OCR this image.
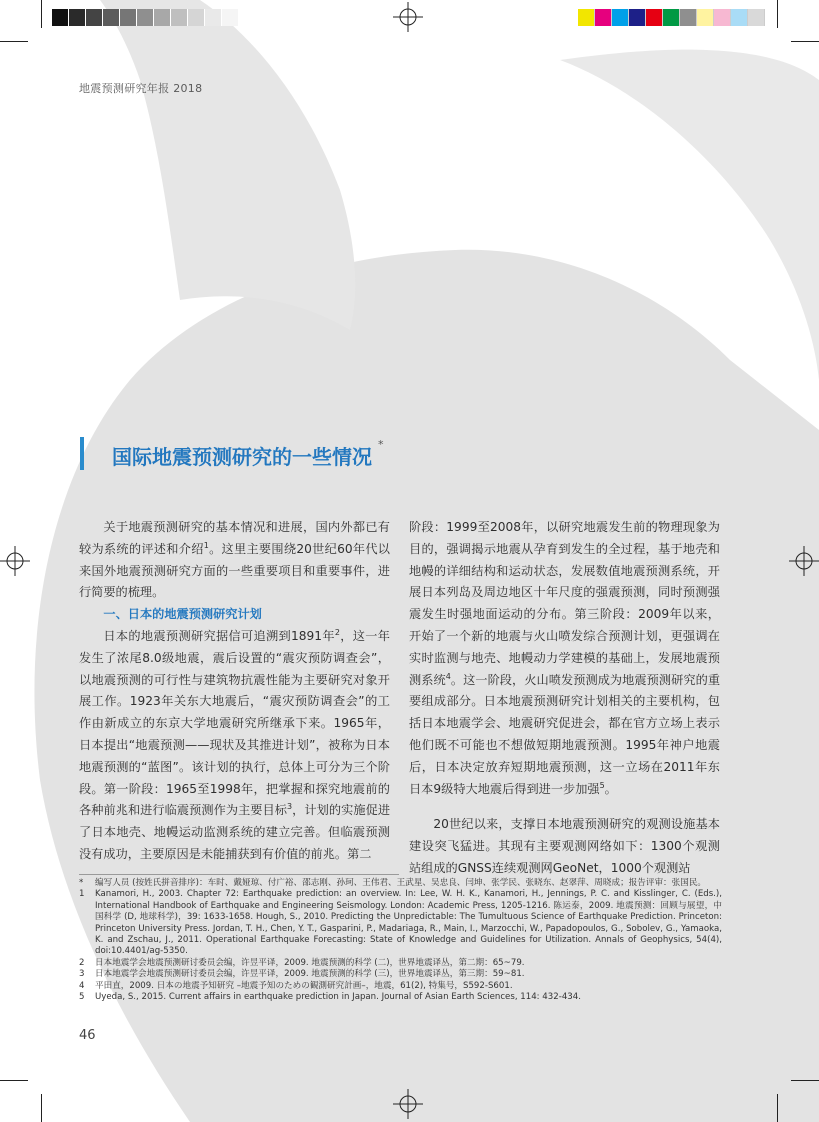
地震预测研究年报 2018
国际地震预测研究的一些情况*

关于地震预测研究的基本情况和进展，国内外都已有较为系统的评述和介绍$^1$。这里主要围绕20世纪60年代以来国外地震预测研究方面的一些重要项目和重要事件，进行简要的梳理。

一、日本的地震预测研究计划

日本的地震预测研究据信可追溯到1891年$^2$，这一年发生了浓尾8.0级地震，震后设置的“震灾预防调查会”，以地震预测的可行性与建筑物抗震性能为主要研究对象开展工作。1923年关东大地震后，“震灾预防调查会”的工作由新成立的东京大学地震研究所继承下来。1965年，日本提出“地震预测——现状及其推进计划”，被称为日本地震预测的“蓝图”。该计划的执行，总体上可分为三个阶段。第一阶段：1965至1998年，把掌握和探究地震前的各种前兆和进行临震预测作为主要目标$^3$，计划的实施促进了日本地壳、地幔运动监测系统的建立完善。但临震预测没有成功，主要原因是未能捕获到有价值的前兆。第二

阶段：1999至2008年，以研究地震发生前的物理现象为目的，强调揭示地震从孕育到发生的全过程，基于地壳和地幔的详细结构和运动状态，发展数值地震预测系统，开展日本列岛及周边地区十年尺度的强震预测，同时预测强震发生时强地面运动的分布。第三阶段：2009年以来，开始了一个新的地震与火山喷发综合预测计划，更强调在实时监测与地壳、地幔动力学建模的基础上，发展地震预测系统$^4$。这一阶段，火山喷发预测成为地震预测研究的重要组成部分。日本地震预测研究计划相关的主要机构，包括日本地震学会、地震研究促进会，都在官方立场上表示他们既不可能也不想做短期地震预测。1995年神户地震后，日本决定放弃短期地震预测，这一立场在2011年东日本9级特大地震后得到进一步加强$^5$。

20世纪以来，支撑日本地震预测研究的观测设施基本建设突飞猛进。其现有主要观测网络如下：1300个观测站组成的GNSS连续观测网GeoNet，1000个观测站

*	编写人员 (按姓氏拼音排序)：车时、戴娅琼、付广裕、邵志刚、孙珂、王伟君、王武星、吴忠良、闫坤、张学民、张晓东、赵翠萍、周晓成；报告评审：张国民。
1	Kanamori, H., 2003. Chapter 72: Earthquake prediction: an overview. In: Lee, W. H. K., Kanamori, H., Jennings, P. C. and Kisslinger, C. (Eds.), International Handbook of Earthquake and Engineering Seismology. London: Academic Press, 1205-1216. 陈运泰，2009. 地震预测：回顾与展望，中国科学 (D, 地球科学)，39: 1633-1658. Hough, S., 2010. Predicting the Unpredictable: The Tumultuous Science of Earthquake Prediction. Princeton: Princeton University Press. Jordan, T. H., Chen, Y. T., Gasparini, P., Madariaga, R., Main, I., Marzocchi, W., Papadopoulos, G., Sobolev, G., Yamaoka, K. and Zschau, J., 2011. Operational Earthquake Forecasting: State of Knowledge and Guidelines for Utilization. Annals of Geophysics, 54(4), doi:10.4401/ag-5350.
2	日本地震学会地震预测研讨委员会编，许昱平译，2009. 地震预测的科学 (二)，世界地震译丛，第二期：65~79.
3	日本地震学会地震预测研讨委员会编，许昱平译，2009. 地震预测的科学 (三)，世界地震译丛，第三期：59~81.
4	平田直，2009. 日本の地震予知研究 –地震予知のための観測研究計画–，地震，61(2), 特集号，S592-S601.
5	Uyeda, S., 2015. Current affairs in earthquake prediction in Japan. Journal of Asian Earth Sciences, 114: 432-434.
46
